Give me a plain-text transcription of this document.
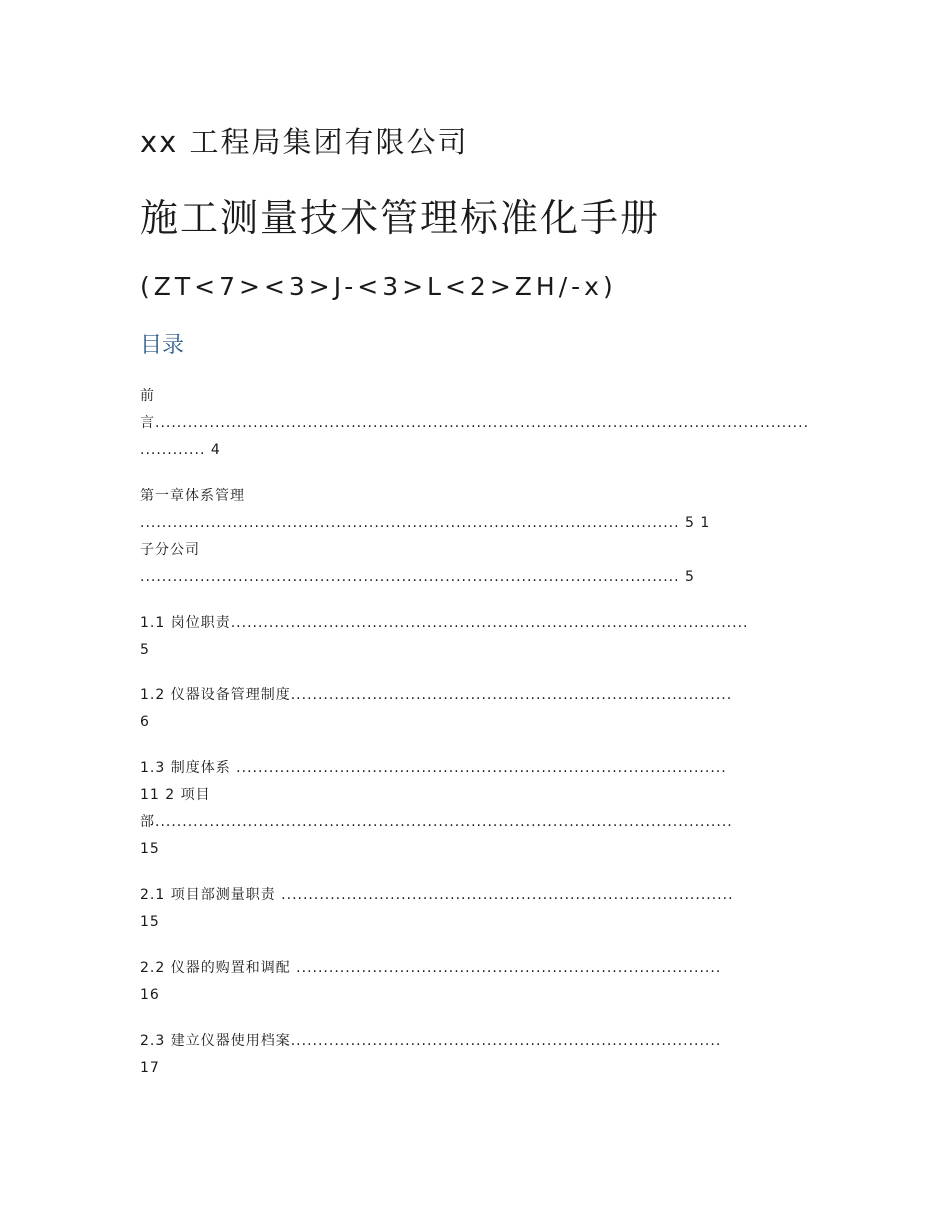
xx 工程局集团有限公司
施工测量技术管理标准化手册
(ZT<7><3>J-<3>L<2>ZH/-x)
目录
前
言........................................................................................................................
............ 4
第一章体系管理
................................................................................................... 5 1
子分公司
................................................................................................... 5
1.1 岗位职责...............................................................................................
5
1.2 仪器设备管理制度.................................................................................
6
1.3 制度体系 ..........................................................................................
11 2 项目
部..........................................................................................................
15
2.1 项目部测量职责 ...................................................................................
15
2.2 仪器的购置和调配 ..............................................................................
16
2.3 建立仪器使用档案...............................................................................
17
